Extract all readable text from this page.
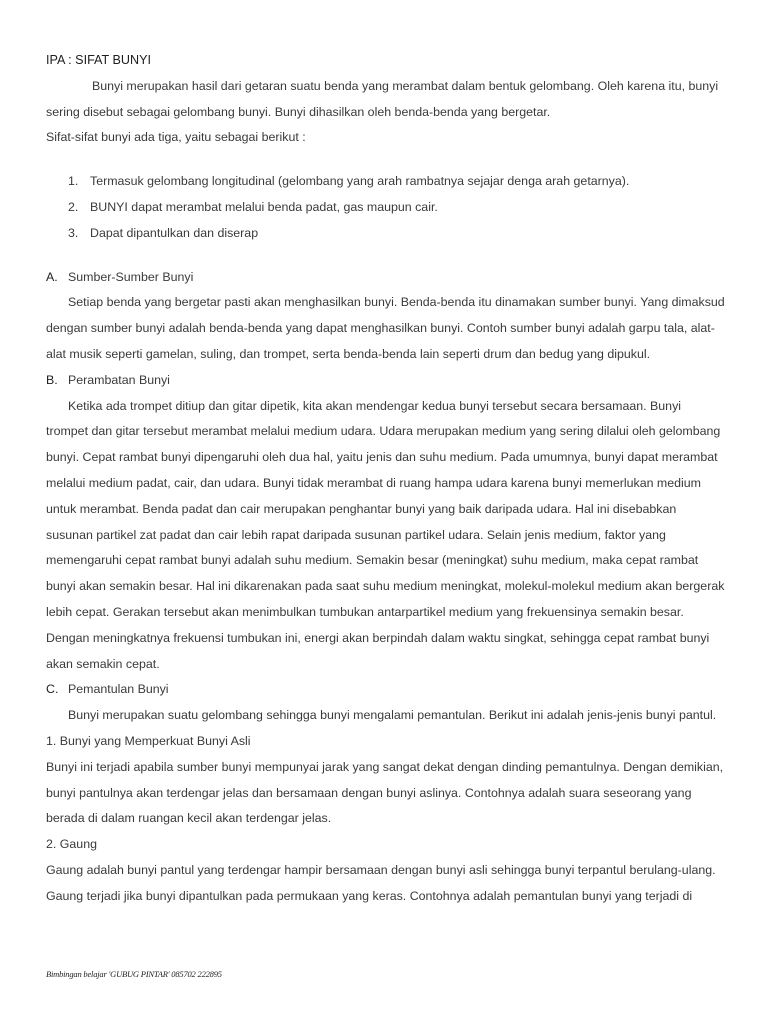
IPA : SIFAT BUNYI

Bunyi merupakan hasil dari getaran suatu benda yang merambat dalam bentuk gelombang. Oleh karena itu, bunyi sering disebut sebagai gelombang bunyi. Bunyi dihasilkan oleh benda-benda yang bergetar.

Sifat-sifat bunyi ada tiga, yaitu sebagai berikut :

1. Termasuk gelombang longitudinal (gelombang yang arah rambatnya sejajar denga arah getarnya).
2. BUNYI dapat merambat melalui benda padat, gas maupun cair.
3. Dapat dipantulkan dan diserap
A. Sumber-Sumber Bunyi

Setiap benda yang bergetar pasti akan menghasilkan bunyi. Benda-benda itu dinamakan sumber bunyi. Yang dimaksud dengan sumber bunyi adalah benda-benda yang dapat menghasilkan bunyi. Contoh sumber bunyi adalah garpu tala, alat-alat musik seperti gamelan, suling, dan trompet, serta benda-benda lain seperti drum dan bedug yang dipukul.

B. Perambatan Bunyi

Ketika ada trompet ditiup dan gitar dipetik, kita akan mendengar kedua bunyi tersebut secara bersamaan. Bunyi trompet dan gitar tersebut merambat melalui medium udara. Udara merupakan medium yang sering dilalui oleh gelombang bunyi. Cepat rambat bunyi dipengaruhi oleh dua hal, yaitu jenis dan suhu medium. Pada umumnya, bunyi dapat merambat melalui medium padat, cair, dan udara. Bunyi tidak merambat di ruang hampa udara karena bunyi memerlukan medium untuk merambat. Benda padat dan cair merupakan penghantar bunyi yang baik daripada udara. Hal ini disebabkan susunan partikel zat padat dan cair lebih rapat daripada susunan partikel udara. Selain jenis medium, faktor yang memengaruhi cepat rambat bunyi adalah suhu medium. Semakin besar (meningkat) suhu medium, maka cepat rambat bunyi akan semakin besar. Hal ini dikarenakan pada saat suhu medium meningkat, molekul-molekul medium akan bergerak lebih cepat. Gerakan tersebut akan menimbulkan tumbukan antarpartikel medium yang frekuensinya semakin besar. Dengan meningkatnya frekuensi tumbukan ini, energi akan berpindah dalam waktu singkat, sehingga cepat rambat bunyi akan semakin cepat.

C. Pemantulan Bunyi

Bunyi merupakan suatu gelombang sehingga bunyi mengalami pemantulan. Berikut ini adalah jenis-jenis bunyi pantul.

1. Bunyi yang Memperkuat Bunyi Asli

Bunyi ini terjadi apabila sumber bunyi mempunyai jarak yang sangat dekat dengan dinding pemantulnya. Dengan demikian, bunyi pantulnya akan terdengar jelas dan bersamaan dengan bunyi aslinya. Contohnya adalah suara seseorang yang berada di dalam ruangan kecil akan terdengar jelas.

2. Gaung

Gaung adalah bunyi pantul yang terdengar hampir bersamaan dengan bunyi asli sehingga bunyi terpantul berulang-ulang. Gaung terjadi jika bunyi dipantulkan pada permukaan yang keras. Contohnya adalah pemantulan bunyi yang terjadi di

Bimbingan belajar 'GUBUG PINTAR' 085702 222895
